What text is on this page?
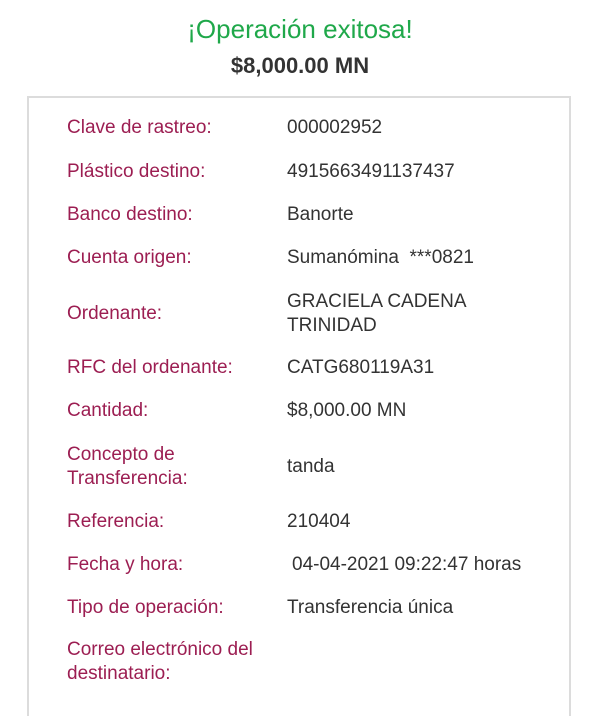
¡Operación exitosa!
$8,000.00 MN
Clave de rastreo:	000002952
Plástico destino:	4915663491137437
Banco destino:	Banorte
Cuenta origen:	Sumanómina  ***0821
Ordenante:
GRACIELA CADENA
TRINIDAD
RFC del ordenante:	CATG680119A31
Cantidad:	$8,000.00 MN
Concepto de
Transferencia:
tanda
Referencia:	210404
Fecha y hora:	04-04-2021 09:22:47 horas
Tipo de operación:	Transferencia única
Correo electrónico del
destinatario:
